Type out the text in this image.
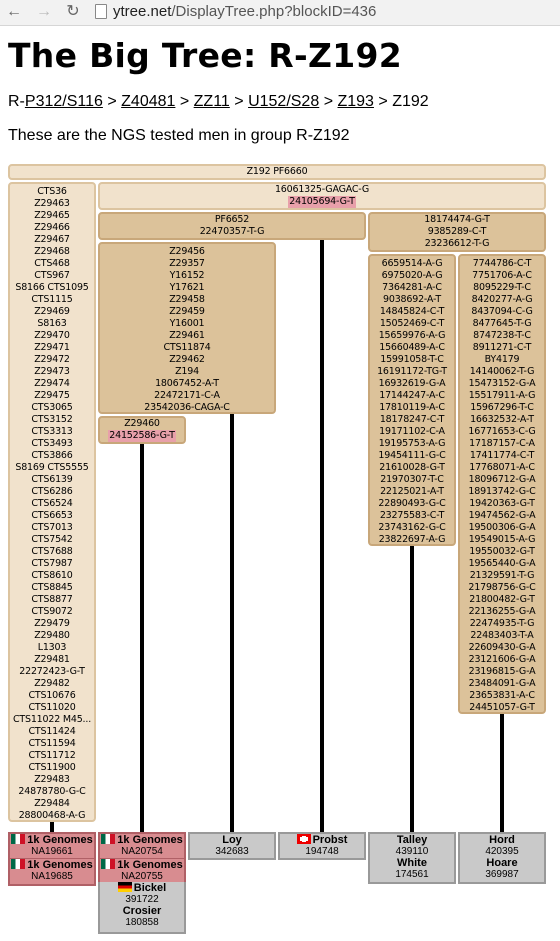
← → ↻ ytree.net/DisplayTree.php?blockID=436
The Big Tree: R-Z192
R-P312/S116 > Z40481 > ZZ11 > U152/S28 > Z193 > Z192
These are the NGS tested men in group R-Z192
Z192 PF6660
CTS36
Z29463
Z29465
Z29466
Z29467
Z29468
CTS468
CTS967
S8166 CTS1095
CTS1115
Z29469
S8163
Z29470
Z29471
Z29472
Z29473
Z29474
Z29475
CTS3065
CTS3152
CTS3313
CTS3493
CTS3866
S8169 CTS5555
CTS6139
CTS6286
CTS6524
CTS6653
CTS7013
CTS7542
CTS7688
CTS7987
CTS8610
CTS8845
CTS8877
CTS9072
Z29479
Z29480
L1303
Z29481
22272423-G-T
Z29482
CTS10676
CTS11020
CTS11022 M45...
CTS11424
CTS11594
CTS11712
CTS11900
Z29483
24878780-G-C
Z29484
28800468-A-G
16061325-GAGAC-G
24105694-G-T
PF6652
22470357-T-G
Z29456
Z29357
Y16152
Y17621
Z29458
Z29459
Y16001
Z29461
CTS11874
Z29462
Z194
18067452-A-T
22472171-C-A
23542036-CAGA-C
Z29460
24152586-G-T
18174474-G-T
9385289-C-T
23236612-T-G
6659514-A-G
6975020-A-G
7364281-A-C
9038692-A-T
14845824-C-T
15052469-C-T
15659976-A-G
15660489-A-C
15991058-T-C
16191172-TG-T
16932619-G-A
17144247-A-C
17810119-A-C
18178247-C-T
19171102-C-A
19195753-A-G
19454111-G-C
21610028-G-T
21970307-T-C
22125021-A-T
22890493-G-C
23275583-C-T
23743162-G-C
23822697-A-G
7744786-C-T
7751706-A-C
8095229-T-C
8420277-A-G
8437094-C-G
8477645-T-G
8747238-T-C
8911271-C-T
BY4179
14140062-T-G
15473152-G-A
15517911-A-G
15967296-T-C
16632532-A-T
16771653-C-G
17187157-C-A
17411774-C-T
17768071-A-C
18096712-G-A
18913742-G-C
19420363-G-T
19474562-G-A
19500306-G-A
19549015-A-G
19550032-G-T
19565440-G-A
21329591-T-G
21798756-G-C
21800482-G-T
22136255-G-A
22474935-T-G
22483403-T-A
22609430-G-A
23121606-G-A
23196815-G-A
23484091-G-A
23653831-A-C
24451057-G-T
1k Genomes
NA19661
1k Genomes
NA19685
1k Genomes
NA20754
1k Genomes
NA20755
Bickel
391722
Crosier
180858
Loy
342683
Probst
194748
Talley
439110
White
174561
Hord
420395
Hoare
369987
